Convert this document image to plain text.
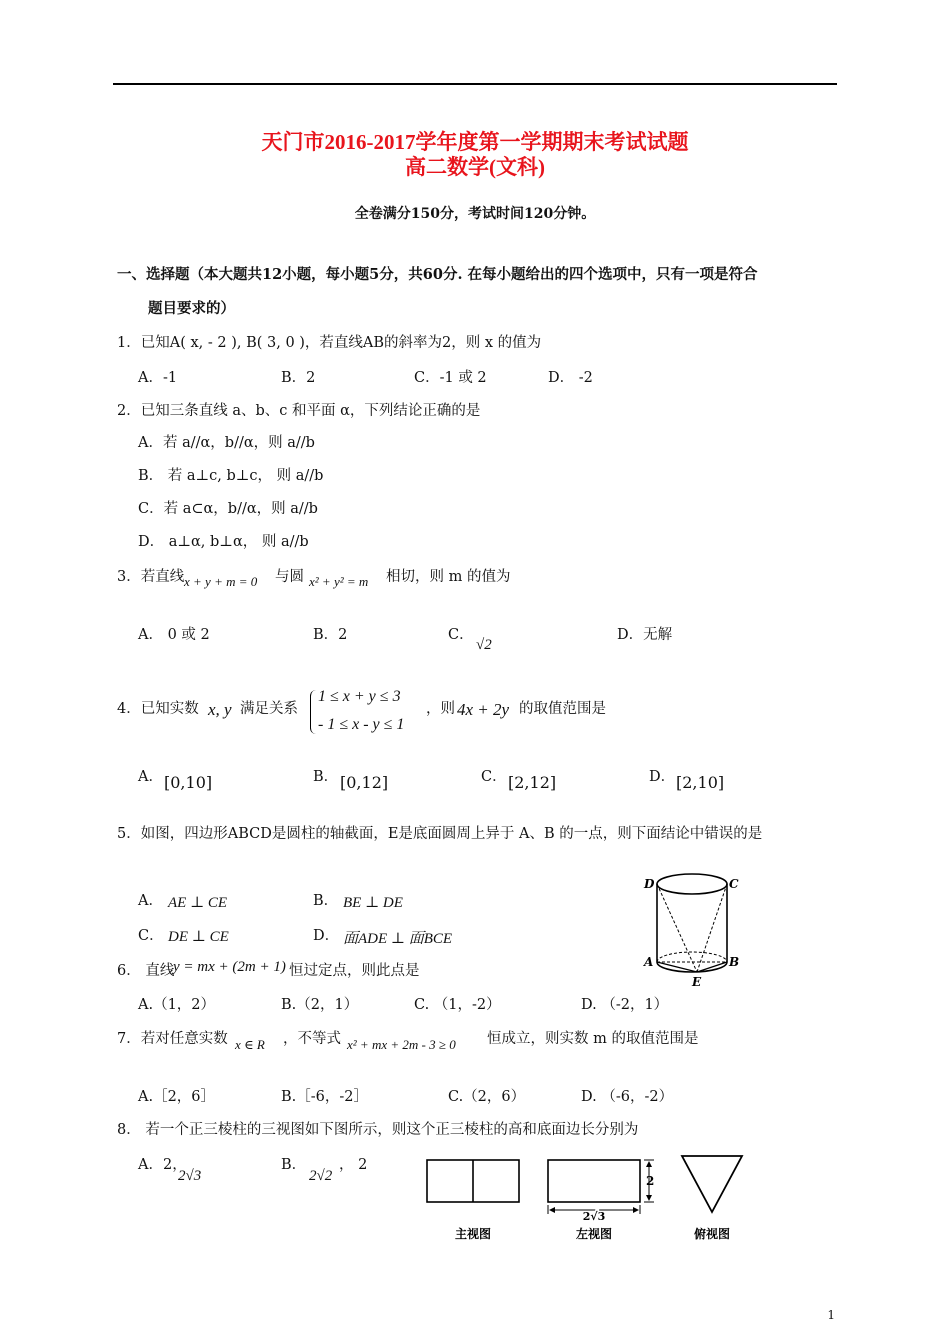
天门市2016-2017学年度第一学期期末考试试题
高二数学(文科)
全卷满分150分，考试时间120分钟。
一、选择题（本大题共12小题，每小题5分，共60分. 在每小题给出的四个选项中，只有一项是符合
题目要求的）
1．已知A( x, - 2 ), B( 3, 0 )，若直线AB的斜率为2，则 x 的值为
A．-1	B．2	C．-1 或 2	D． -2
2．已知三条直线 a、b、c 和平面 α，下列结论正确的是
A．若 a//α，b//α，则 a//b
B． 若 a⊥c, b⊥c， 则 a//b
C．若 a⊂α，b//α，则 a//b
D． a⊥α, b⊥α， 则 a//b
3．若直线 x + y + m = 0 与圆 x² + y² = m 相切，则 m 的值为
A． 0 或 2	B．2	C．
√2
D．无解
4．已知实数 x, y 满足关系
1 ≤ x + y ≤ 3
- 1 ≤ x - y ≤ 1
，则 4x + 2y 的取值范围是
A． [0,10]	B． [0,12]	C． [2,12]	D． [2,10]
5．如图，四边形ABCD是圆柱的轴截面，E是底面圆周上异于 A、B 的一点，则下面结论中错误的是
A． AE ⊥ CE	B． BE ⊥ DE
C． DE ⊥ CE	D． 面ADE ⊥ 面BCE
D	C
A	B
E
6． 直线
y = mx + (2m + 1) 恒过定点，则此点是
A.（1，2）	B.（2，1）	C. （1，-2）	D. （-2，1）
7．若对任意实数 x ∈ R ，不等式 x² + mx + 2m - 3 ≥ 0 恒成立，则实数 m 的取值范围是
A.［2，6］	B.［-6，-2］	C.（2，6）	D. （-6，-2）
8． 若一个正三棱柱的三视图如下图所示，则这个正三棱柱的高和底面边长分别为
A．2，
2√3
B．
2√2
， 2
主视图
2
2√3
左视图	俯视图
1
